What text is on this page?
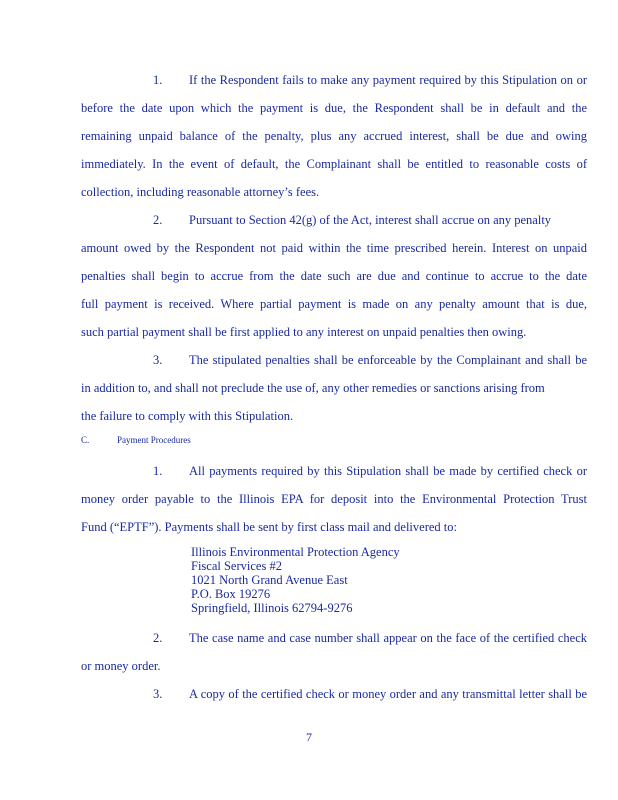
1. If the Respondent fails to make any payment required by this Stipulation on or
before the date upon which the payment is due, the Respondent shall be in default and the
remaining unpaid balance of the penalty, plus any accrued interest, shall be due and owing
immediately. In the event of default, the Complainant shall be entitled to reasonable costs of
collection, including reasonable attorney’s fees.
2. Pursuant to Section 42(g) of the Act, interest shall accrue on any penalty
amount owed by the Respondent not paid within the time prescribed herein. Interest on unpaid
penalties shall begin to accrue from the date such are due and continue to accrue to the date
full payment is received. Where partial payment is made on any penalty amount that is due,
such partial payment shall be first applied to any interest on unpaid penalties then owing.
3. The stipulated penalties shall be enforceable by the Complainant and shall be
in addition to, and shall not preclude the use of, any other remedies or sanctions arising from
the failure to comply with this Stipulation.
C.	Payment Procedures
1. All payments required by this Stipulation shall be made by certified check or
money order payable to the Illinois EPA for deposit into the Environmental Protection Trust
Fund (“EPTF”). Payments shall be sent by first class mail and delivered to:
Illinois Environmental Protection Agency
Fiscal Services #2
1021 North Grand Avenue East
P.O. Box 19276
Springfield, Illinois 62794-9276
2. The case name and case number shall appear on the face of the certified check
or money order.
3. A copy of the certified check or money order and any transmittal letter shall be
7
